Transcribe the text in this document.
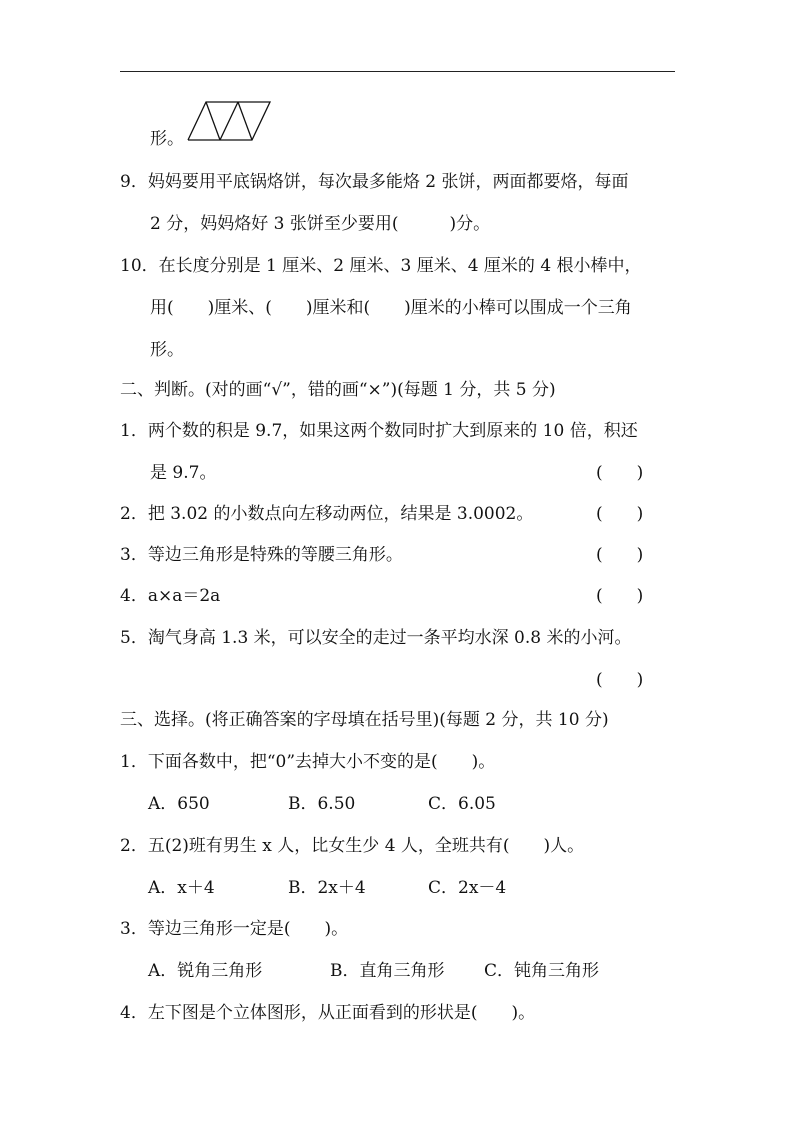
形。
9．妈妈要用平底锅烙饼，每次最多能烙 2 张饼，两面都要烙，每面
2 分，妈妈烙好 3 张饼至少要用(　　　)分。
10．在长度分别是 1 厘米、2 厘米、3 厘米、4 厘米的 4 根小棒中，
用(　　)厘米、(　　)厘米和(　　)厘米的小棒可以围成一个三角
形。
二、判断。(对的画“√”，错的画“×”)(每题 1 分，共 5 分)
1．两个数的积是 9.7，如果这两个数同时扩大到原来的 10 倍，积还
是 9.7。	(　　)
2．把 3.02 的小数点向左移动两位，结果是 3.0002。	(　　)
3．等边三角形是特殊的等腰三角形。	(　　)
4．a×a＝2a	(　　)
5．淘气身高 1.3 米，可以安全的走过一条平均水深 0.8 米的小河。
(　　)
三、选择。(将正确答案的字母填在括号里)(每题 2 分，共 10 分)
1．下面各数中，把“0”去掉大小不变的是(　　)。
A．650	B．6.50	C．6.05
2．五(2)班有男生 x 人，比女生少 4 人，全班共有(　　)人。
A．x＋4	B．2x＋4	C．2x－4
3．等边三角形一定是(　　)。
A．锐角三角形	B．直角三角形 C．钝角三角形
4．左下图是个立体图形，从正面看到的形状是(　　)。
